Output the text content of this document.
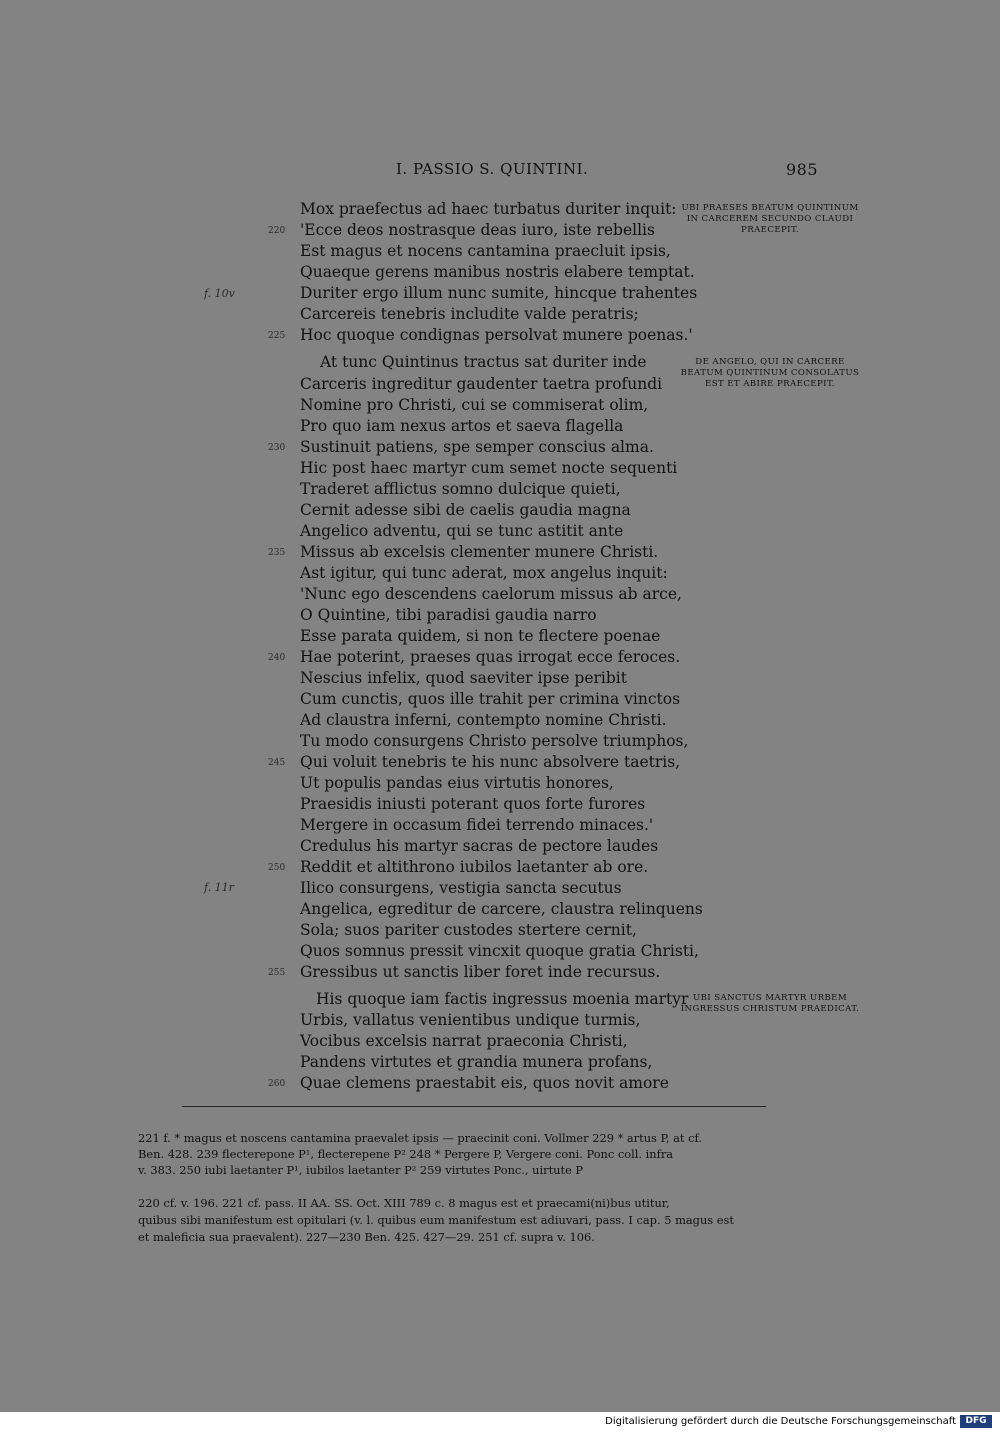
I. PASSIO S. QUINTINI.	985
Mox praefectus ad haec turbatus duriter inquit:
'Ecce deos nostrasque deas iuro, iste rebellis
Est magus et nocens cantamina praecluit ipsis,
Quaeque gerens manibus nostris elabere temptat.
Duriter ergo illum nunc sumite, hincque trahentes
Carcereis tenebris includite valde peratris;
Hoc quoque condignas persolvat munere poenas.'
At tunc Quintinus tractus sat duriter inde
Carceris ingreditur gaudenter taetra profundi
Nomine pro Christi, cui se commiserat olim,
Pro quo iam nexus artos et saeva flagella
Sustinuit patiens, spe semper conscius alma.
Hic post haec martyr cum semet nocte sequenti
Traderet afflictus somno dulcique quieti,
Cernit adesse sibi de caelis gaudia magna
Angelico adventu, qui se tunc astitit ante
Missus ab excelsis clementer munere Christi.
Ast igitur, qui tunc aderat, mox angelus inquit:
'Nunc ego descendens caelorum missus ab arce,
O Quintine, tibi paradisi gaudia narro
Esse parata quidem, si non te flectere poenae
Hae poterint, praeses quas irrogat ecce feroces.
Nescius infelix, quod saeviter ipse peribit
Cum cunctis, quos ille trahit per crimina vinctos
Ad claustra inferni, contempto nomine Christi.
Tu modo consurgens Christo persolve triumphos,
Qui voluit tenebris te his nunc absolvere taetris,
Ut populis pandas eius virtutis honores,
Praesidis iniusti poterant quos forte furores
Mergere in occasum fidei terrendo minaces.'
Credulus his martyr sacras de pectore laudes
Reddit et altithrono iubilos laetanter ab ore.
Ilico consurgens, vestigia sancta secutus
Angelica, egreditur de carcere, claustra relinquens
Sola; suos pariter custodes stertere cernit,
Quos somnus pressit vincxit quoque gratia Christi,
Gressibus ut sanctis liber foret inde recursus.
His quoque iam factis ingressus moenia martyr
Urbis, vallatus venientibus undique turmis,
Vocibus excelsis narrat praeconia Christi,
Pandens virtutes et grandia munera profans,
Quae clemens praestabit eis, quos novit amore
220
225
230
235
240
245
250
255
260
f. 10v
f. 11r
UBI PRAESES BEATUM QUINTINUM IN CARCEREM SECUNDO CLAUDI PRAECEPIT.
DE ANGELO, QUI IN CARCERE BEATUM QUINTINUM CONSOLATUS EST ET ABIRE PRAECEPIT.
UBI SANCTUS MARTYR URBEM INGRESSUS CHRISTUM PRAEDICAT.
221 f. * magus et noscens cantamina praevalet ipsis — praecinit coni. Vollmer 229 * artus P, at cf.
Ben. 428. 239 flecterepone P¹, flecterepene P² 248 * Pergere P, Vergere coni. Ponc coll. infra
v. 383. 250 iubi laetanter P¹, iubilos laetanter P² 259 virtutes Ponc., uirtute P
220 cf. v. 196. 221 cf. pass. II AA. SS. Oct. XIII 789 c. 8 magus est et praecami(ni)bus utitur,
quibus sibi manifestum est opitulari (v. l. quibus eum manifestum est adiuvari, pass. I cap. 5 magus est
et maleficia sua praevalent). 227—230 Ben. 425. 427—29. 251 cf. supra v. 106.
Digitalisierung gefördert durch die Deutsche Forschungsgemeinschaft	DFG
